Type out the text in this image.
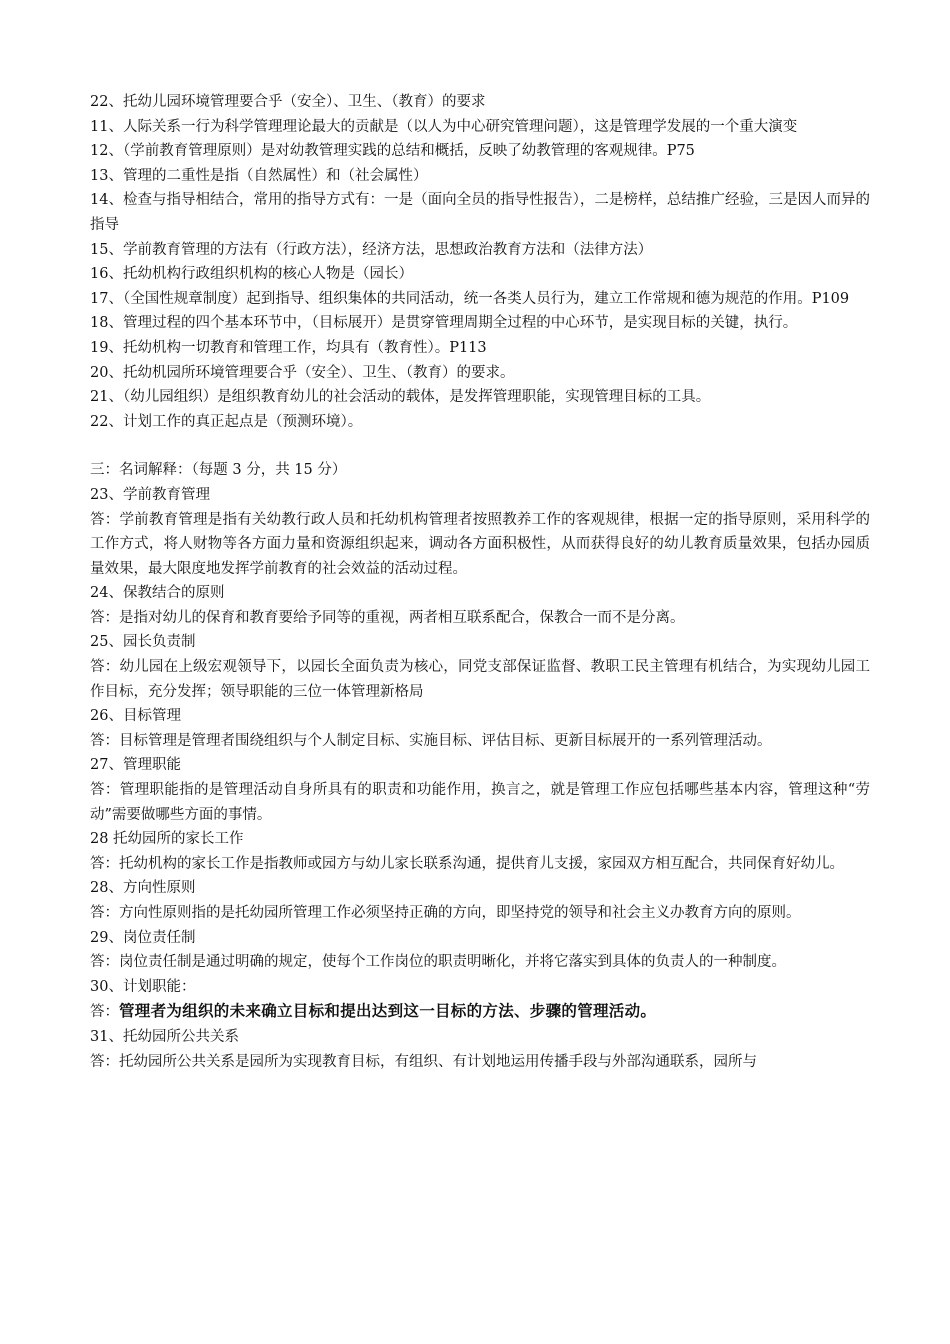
22、托幼儿园环境管理要合乎（安全）、卫生、（教育）的要求

11、人际关系一行为科学管理理论最大的贡献是（以人为中心研究管理问题），这是管理学发展的一个重大演变

12、（学前教育管理原则）是对幼教管理实践的总结和概括，反映了幼教管理的客观规律。P75

13、管理的二重性是指（自然属性）和（社会属性）

14、检查与指导相结合，常用的指导方式有：一是（面向全员的指导性报告），二是榜样，总结推广经验，三是因人而异的指导

15、学前教育管理的方法有（行政方法），经济方法，思想政治教育方法和（法律方法）

16、托幼机构行政组织机构的核心人物是（园长）

17、（全国性规章制度）起到指导、组织集体的共同活动，统一各类人员行为，建立工作常规和德为规范的作用。P109

18、管理过程的四个基本环节中，（目标展开）是贯穿管理周期全过程的中心环节，是实现目标的关键，执行。

19、托幼机构一切教育和管理工作，均具有（教育性）。P113

20、托幼机园所环境管理要合乎（安全）、卫生、（教育）的要求。

21、（幼儿园组织）是组织教育幼儿的社会活动的载体，是发挥管理职能，实现管理目标的工具。

22、计划工作的真正起点是（预测环境）。

三：名词解释：（每题 3 分，共 15 分）

23、学前教育管理

答：学前教育管理是指有关幼教行政人员和托幼机构管理者按照教养工作的客观规律，根据一定的指导原则，采用科学的工作方式，将人财物等各方面力量和资源组织起来，调动各方面积极性，从而获得良好的幼儿教育质量效果，包括办园质量效果，最大限度地发挥学前教育的社会效益的活动过程。

24、保教结合的原则

答：是指对幼儿的保育和教育要给予同等的重视，两者相互联系配合，保教合一而不是分离。

25、园长负责制

答：幼儿园在上级宏观领导下，以园长全面负责为核心，同党支部保证监督、教职工民主管理有机结合，为实现幼儿园工作目标，充分发挥；领导职能的三位一体管理新格局

26、目标管理

答：目标管理是管理者围绕组织与个人制定目标、实施目标、评估目标、更新目标展开的一系列管理活动。

27、管理职能

答：管理职能指的是管理活动自身所具有的职责和功能作用，换言之，就是管理工作应包括哪些基本内容，管理这种“劳动”需要做哪些方面的事情。

28 托幼园所的家长工作

答：托幼机构的家长工作是指教师或园方与幼儿家长联系沟通，提供育儿支援，家园双方相互配合，共同保育好幼儿。

28、方向性原则

答：方向性原则指的是托幼园所管理工作必须坚持正确的方向，即坚持党的领导和社会主义办教育方向的原则。

29、岗位责任制

答：岗位责任制是通过明确的规定，使每个工作岗位的职责明晰化，并将它落实到具体的负责人的一种制度。

30、计划职能：

答：管理者为组织的未来确立目标和提出达到这一目标的方法、步骤的管理活动。

31、托幼园所公共关系

答：托幼园所公共关系是园所为实现教育目标，有组织、有计划地运用传播手段与外部沟通联系，园所与
